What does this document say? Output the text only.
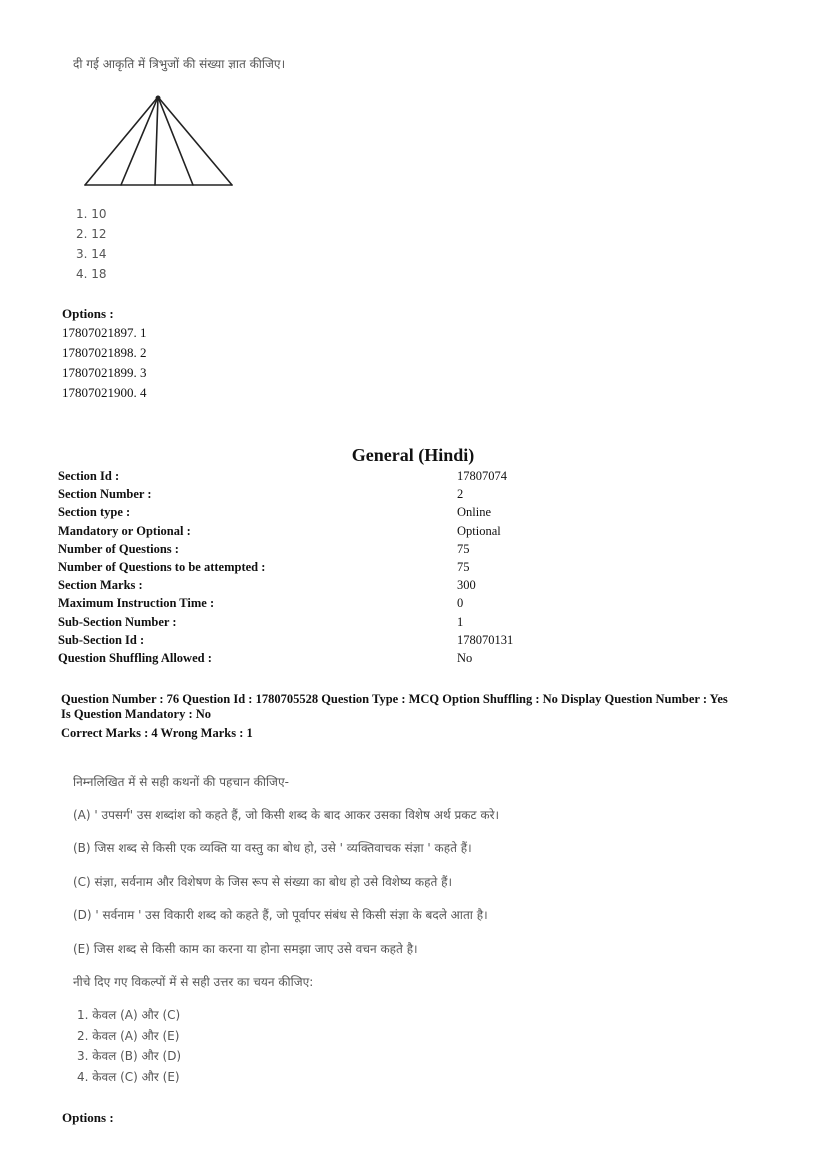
दी गई आकृति में त्रिभुजों की संख्या ज्ञात कीजिए।
1. 10
2. 12
3. 14
4. 18
Options :
17807021897. 1
17807021898. 2
17807021899. 3
17807021900. 4
General (Hindi)
Section Id :	17807074
Section Number :	2
Section type :	Online
Mandatory or Optional :	Optional
Number of Questions :	75
Number of Questions to be attempted :	75
Section Marks :	300
Maximum Instruction Time :	0
Sub-Section Number :	1
Sub-Section Id :	178070131
Question Shuffling Allowed :	No
Question Number : 76 Question Id : 1780705528 Question Type : MCQ Option Shuffling : No Display Question Number : Yes
Is Question Mandatory : No
Correct Marks : 4 Wrong Marks : 1
निम्नलिखित में से सही कथनों की पहचान कीजिए-
(A) ' उपसर्ग' उस शब्दांश को कहते हैं, जो किसी शब्द के बाद आकर उसका विशेष अर्थ प्रकट करे।
(B) जिस शब्द से किसी एक व्यक्ति या वस्तु का बोध हो, उसे ' व्यक्तिवाचक संज्ञा ' कहते हैं।
(C) संज्ञा, सर्वनाम और विशेषण के जिस रूप से संख्या का बोध हो उसे विशेष्य कहते हैं।
(D) ' सर्वनाम ' उस विकारी शब्द को कहते हैं, जो पूर्वापर संबंध से किसी संज्ञा के बदले आता है।
(E) जिस शब्द से किसी काम का करना या होना समझा जाए उसे वचन कहते है।
नीचे दिए गए विकल्पों में से सही उत्तर का चयन कीजिए:
1. केवल (A) और (C)
2. केवल (A) और (E)
3. केवल (B) और (D)
4. केवल (C) और (E)
Options :
